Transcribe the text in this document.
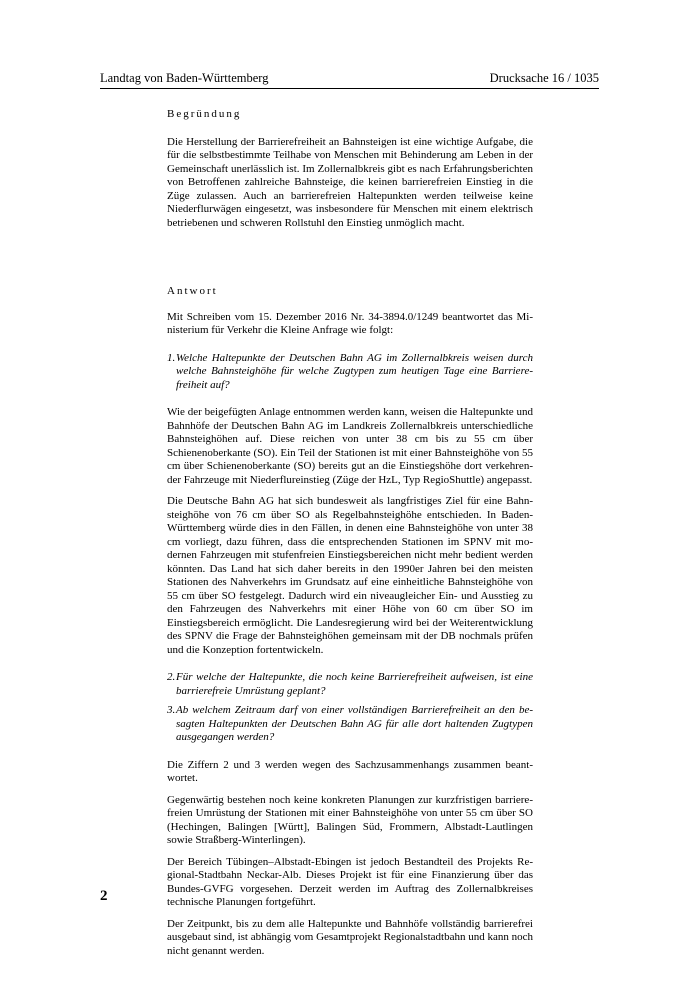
Landtag von Baden-Württemberg	Drucksache 16 / 1035

Begründung

Die Herstellung der Barrierefreiheit an Bahnsteigen ist eine wichtige Aufgabe, die für die selbstbestimmte Teilhabe von Menschen mit Behinderung am Leben in der Gemeinschaft unerlässlich ist. Im Zollernalbkreis gibt es nach Erfahrungsberichten von Betroffenen zahlreiche Bahnsteige, die keinen barrierefreien Einstieg in die Züge zulassen. Auch an barrierefreien Haltepunkten werden teilweise keine Niederflurwägen eingesetzt, was insbesondere für Menschen mit einem elektrisch betriebenen und schweren Rollstuhl den Einstieg unmöglich macht.

Antwort

Mit Schreiben vom 15. Dezember 2016 Nr. 34-3894.0/1249 beantwortet das Ministerium für Verkehr die Kleine Anfrage wie folgt:

1. Welche Haltepunkte der Deutschen Bahn AG im Zollernalbkreis weisen durch welche Bahnsteighöhe für welche Zugtypen zum heutigen Tage eine Barrierefreiheit auf?

Wie der beigefügten Anlage entnommen werden kann, weisen die Haltepunkte und Bahnhöfe der Deutschen Bahn AG im Landkreis Zollernalbkreis unterschiedliche Bahnsteighöhen auf. Diese reichen von unter 38 cm bis zu 55 cm über Schienenoberkante (SO). Ein Teil der Stationen ist mit einer Bahnsteighöhe von 55 cm über Schienenoberkante (SO) bereits gut an die Einstiegshöhe dort verkehrender Fahrzeuge mit Niederflureinstieg (Züge der HzL, Typ RegioShuttle) angepasst.

Die Deutsche Bahn AG hat sich bundesweit als langfristiges Ziel für eine Bahnsteighöhe von 76 cm über SO als Regelbahnsteighöhe entschieden. In Baden-Württemberg würde dies in den Fällen, in denen eine Bahnsteighöhe von unter 38 cm vorliegt, dazu führen, dass die entsprechenden Stationen im SPNV mit modernen Fahrzeugen mit stufenfreien Einstiegsbereichen nicht mehr bedient werden könnten. Das Land hat sich daher bereits in den 1990er Jahren bei den meisten Stationen des Nahverkehrs im Grundsatz auf eine einheitliche Bahnsteighöhe von 55 cm über SO festgelegt. Dadurch wird ein niveaugleicher Ein- und Ausstieg zu den Fahrzeugen des Nahverkehrs mit einer Höhe von 60 cm über SO im Einstiegsbereich ermöglicht. Die Landesregierung wird bei der Weiterentwicklung des SPNV die Frage der Bahnsteighöhen gemeinsam mit der DB nochmals prüfen und die Konzeption fortentwickeln.

2. Für welche der Haltepunkte, die noch keine Barrierefreiheit aufweisen, ist eine barrierefreie Umrüstung geplant?
3. Ab welchem Zeitraum darf von einer vollständigen Barrierefreiheit an den besagten Haltepunkten der Deutschen Bahn AG für alle dort haltenden Zugtypen ausgegangen werden?

Die Ziffern 2 und 3 werden wegen des Sachzusammenhangs zusammen beantwortet.

Gegenwärtig bestehen noch keine konkreten Planungen zur kurzfristigen barrierefreien Umrüstung der Stationen mit einer Bahnsteighöhe von unter 55 cm über SO (Hechingen, Balingen [Württ], Balingen Süd, Frommern, Albstadt-Lautlingen sowie Straßberg-Winterlingen).

Der Bereich Tübingen–Albstadt-Ebingen ist jedoch Bestandteil des Projekts Regional-Stadtbahn Neckar-Alb. Dieses Projekt ist für eine Finanzierung über das Bundes-GVFG vorgesehen. Derzeit werden im Auftrag des Zollernalbkreises technische Planungen fortgeführt.

Der Zeitpunkt, bis zu dem alle Haltepunkte und Bahnhöfe vollständig barrierefrei ausgebaut sind, ist abhängig vom Gesamtprojekt Regionalstadtbahn und kann noch nicht genannt werden.

2
